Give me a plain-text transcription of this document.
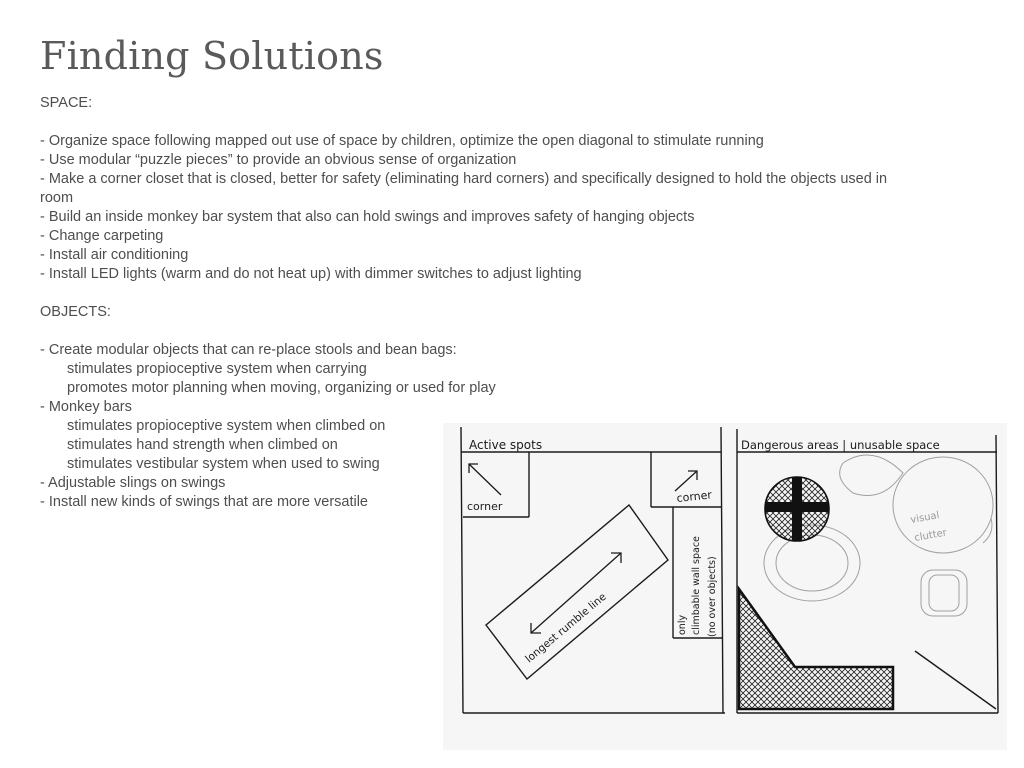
Finding Solutions
SPACE:

- Organize space following mapped out use of space by children, optimize the open diagonal to stimulate running
- Use modular “puzzle pieces” to provide an obvious sense of organization
- Make a corner closet that is closed, better for safety (eliminating hard corners) and specifically designed to hold the objects used in
room
- Build an inside monkey bar system that also can hold swings and improves safety of hanging objects
- Change carpeting
- Install air conditioning
- Install LED lights (warm and do not heat up) with dimmer switches to adjust lighting

OBJECTS:

- Create modular objects that can re-place stools and bean bags:
stimulates propioceptive system when carrying
promotes motor planning when moving, organizing or used for play
- Monkey bars
stimulates propioceptive system when climbed on
stimulates hand strength when climbed on
stimulates vestibular system when used to swing
- Adjustable slings on swings
- Install new kinds of swings that are more versatile
Active spots
corner
corner
longest rumble line	only climbable wall space (no over objects)
visual
clutter
Dangerous areas | unusable space
